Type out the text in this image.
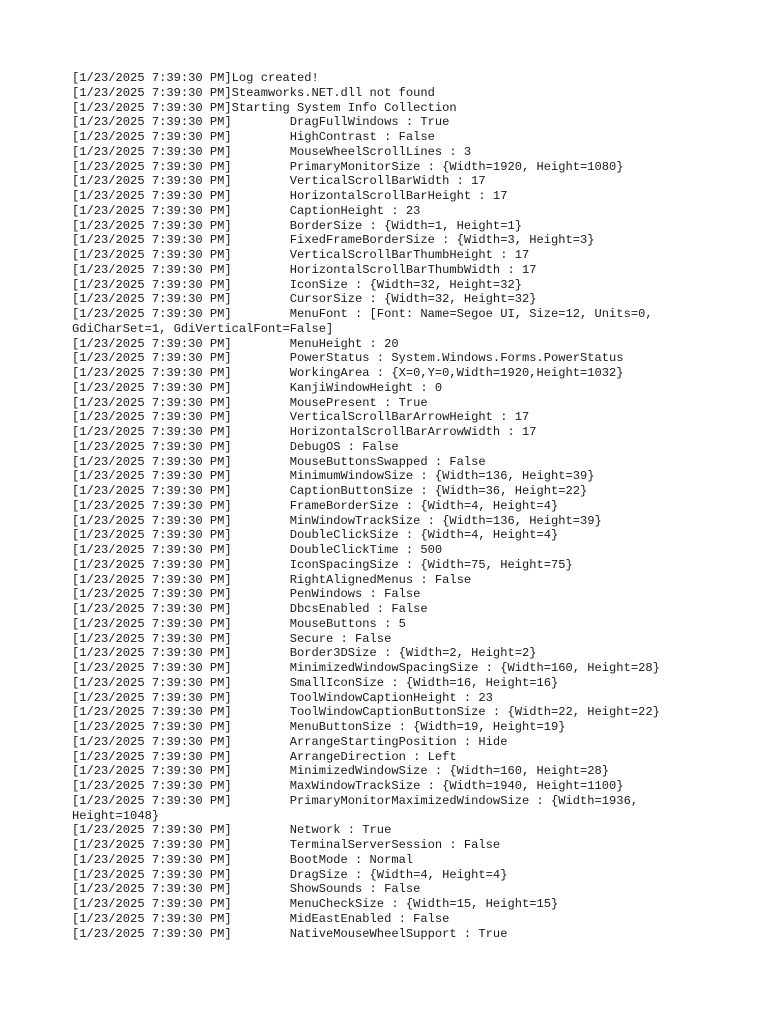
[1/23/2025 7:39:30 PM]Log created!
[1/23/2025 7:39:30 PM]Steamworks.NET.dll not found
[1/23/2025 7:39:30 PM]Starting System Info Collection
[1/23/2025 7:39:30 PM]        DragFullWindows : True
[1/23/2025 7:39:30 PM]        HighContrast : False
[1/23/2025 7:39:30 PM]        MouseWheelScrollLines : 3
[1/23/2025 7:39:30 PM]        PrimaryMonitorSize : {Width=1920, Height=1080}
[1/23/2025 7:39:30 PM]        VerticalScrollBarWidth : 17
[1/23/2025 7:39:30 PM]        HorizontalScrollBarHeight : 17
[1/23/2025 7:39:30 PM]        CaptionHeight : 23
[1/23/2025 7:39:30 PM]        BorderSize : {Width=1, Height=1}
[1/23/2025 7:39:30 PM]        FixedFrameBorderSize : {Width=3, Height=3}
[1/23/2025 7:39:30 PM]        VerticalScrollBarThumbHeight : 17
[1/23/2025 7:39:30 PM]        HorizontalScrollBarThumbWidth : 17
[1/23/2025 7:39:30 PM]        IconSize : {Width=32, Height=32}
[1/23/2025 7:39:30 PM]        CursorSize : {Width=32, Height=32}
[1/23/2025 7:39:30 PM]        MenuFont : [Font: Name=Segoe UI, Size=12, Units=0,
GdiCharSet=1, GdiVerticalFont=False]
[1/23/2025 7:39:30 PM]        MenuHeight : 20
[1/23/2025 7:39:30 PM]        PowerStatus : System.Windows.Forms.PowerStatus
[1/23/2025 7:39:30 PM]        WorkingArea : {X=0,Y=0,Width=1920,Height=1032}
[1/23/2025 7:39:30 PM]        KanjiWindowHeight : 0
[1/23/2025 7:39:30 PM]        MousePresent : True
[1/23/2025 7:39:30 PM]        VerticalScrollBarArrowHeight : 17
[1/23/2025 7:39:30 PM]        HorizontalScrollBarArrowWidth : 17
[1/23/2025 7:39:30 PM]        DebugOS : False
[1/23/2025 7:39:30 PM]        MouseButtonsSwapped : False
[1/23/2025 7:39:30 PM]        MinimumWindowSize : {Width=136, Height=39}
[1/23/2025 7:39:30 PM]        CaptionButtonSize : {Width=36, Height=22}
[1/23/2025 7:39:30 PM]        FrameBorderSize : {Width=4, Height=4}
[1/23/2025 7:39:30 PM]        MinWindowTrackSize : {Width=136, Height=39}
[1/23/2025 7:39:30 PM]        DoubleClickSize : {Width=4, Height=4}
[1/23/2025 7:39:30 PM]        DoubleClickTime : 500
[1/23/2025 7:39:30 PM]        IconSpacingSize : {Width=75, Height=75}
[1/23/2025 7:39:30 PM]        RightAlignedMenus : False
[1/23/2025 7:39:30 PM]        PenWindows : False
[1/23/2025 7:39:30 PM]        DbcsEnabled : False
[1/23/2025 7:39:30 PM]        MouseButtons : 5
[1/23/2025 7:39:30 PM]        Secure : False
[1/23/2025 7:39:30 PM]        Border3DSize : {Width=2, Height=2}
[1/23/2025 7:39:30 PM]        MinimizedWindowSpacingSize : {Width=160, Height=28}
[1/23/2025 7:39:30 PM]        SmallIconSize : {Width=16, Height=16}
[1/23/2025 7:39:30 PM]        ToolWindowCaptionHeight : 23
[1/23/2025 7:39:30 PM]        ToolWindowCaptionButtonSize : {Width=22, Height=22}
[1/23/2025 7:39:30 PM]        MenuButtonSize : {Width=19, Height=19}
[1/23/2025 7:39:30 PM]        ArrangeStartingPosition : Hide
[1/23/2025 7:39:30 PM]        ArrangeDirection : Left
[1/23/2025 7:39:30 PM]        MinimizedWindowSize : {Width=160, Height=28}
[1/23/2025 7:39:30 PM]        MaxWindowTrackSize : {Width=1940, Height=1100}
[1/23/2025 7:39:30 PM]        PrimaryMonitorMaximizedWindowSize : {Width=1936,
Height=1048}
[1/23/2025 7:39:30 PM]        Network : True
[1/23/2025 7:39:30 PM]        TerminalServerSession : False
[1/23/2025 7:39:30 PM]        BootMode : Normal
[1/23/2025 7:39:30 PM]        DragSize : {Width=4, Height=4}
[1/23/2025 7:39:30 PM]        ShowSounds : False
[1/23/2025 7:39:30 PM]        MenuCheckSize : {Width=15, Height=15}
[1/23/2025 7:39:30 PM]        MidEastEnabled : False
[1/23/2025 7:39:30 PM]        NativeMouseWheelSupport : True
